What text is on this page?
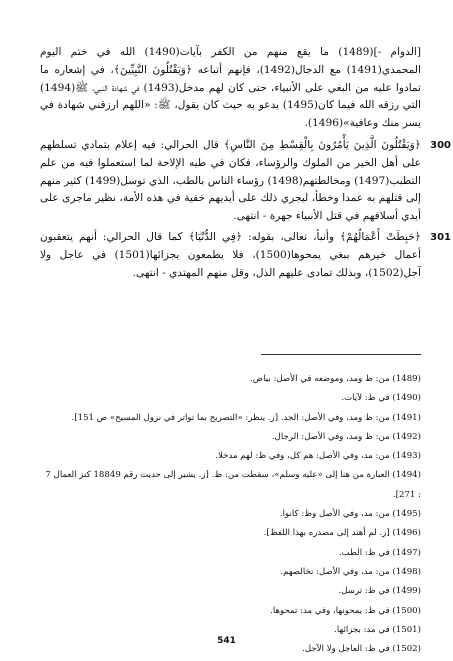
[الدوام -](1489) ما يقع منهم من الكفر بآيات(1490) الله في ختم اليوم المحمدي(1491) مع الدجال(1492)، فإنهم أتباعه ﴿وَيَقْتُلُونَ النَّبِيِّينَ﴾، في إشعاره ما تمادوا عليه من البغي على الأنبياء، حتى كان لهم مدخل(1493) في شهادة النبي، ﷺ(1494) التي رزقه الله فيما كان(1495) يدعو به حيث كان يقول، ﷺ: «اللهم ارزقني شهادة في يسر منك وعافية»(1496).

300
﴿وَيَقْتُلُونَ الَّذِينَ يَأْمُرُونَ بِالْقِسْطِ مِنَ النَّاسِ﴾ قال الحرالي: فيه إعلام بتمادي تسلطهم على أهل الخير من الملوك والرؤساء، فكان في طيه الإلاحة لما استعملوا فيه من علم التطبب(1497) ومخالطتهم(1498) رؤساء الناس بالطب، الذي توسل(1499) كثير منهم إلى قتلهم به عمدا وخطأ، ليجري ذلك على أيديهم خفية في هذه الأمة، نظير ماجرى على أيدي أسلافهم في قتل الأنبياء جهرة - انتهى.

301
﴿حَبِطَتْ أَعْمَالُهُمْ﴾ وأنبأ، تعالى، بقوله: ﴿فِي الدُّنْيَا﴾ كما قال الحرالي: أنهم يتعقبون أعمال خيرهم ببغي يمحوها(1500)، فلا يطمعون بجزائها(1501) في عاجل ولا آجل(1502)، وبذلك تمادى عليهم الذل، وقل منهم المهتدي - انتهى.

(1489) من: ظ ومد، وموضعه في الأصل: بياض.

(1490) في ظ: لآيات.

(1491) من: ظ ومد، وفي الأصل: الجد. [ز. ينظر: «التصريح بما تواتر في نزول المسيح» ص 151].

(1492) من: ظ ومد، وفي الأصل: الرجال.

(1493) من: مد، وفي الأصل: هم كل، وفي ظ: لهم مدخلا.

(1494) العبارة من هنا إلى «عليه وسلم»، سقطت من: ظ. [ز. يشير إلى حديث رقم 18849 كنز العمال 7 : 271].

(1495) من: مد، وفي الأصل وظ: كانوا.

(1496) [ز. لم أهتد إلى مصدره بهذا اللفظ].

(1497) في ظ: الطب.

(1498) من: مد، وفي الأصل: تخالصهم.

(1499) في ظ: ترسل.

(1500) في ظ: يمحونها، وفي مد: تمحوها.

(1501) في مد: بجزائها.

(1502) في ظ: العاجل ولا الآجل.

541
